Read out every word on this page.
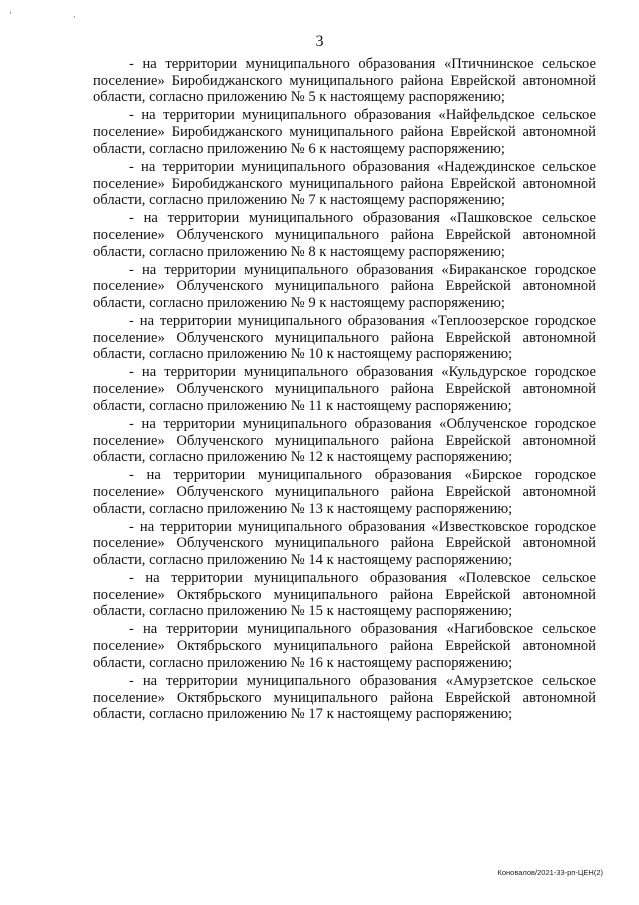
' ,
3

- на территории муниципального образования «Птичнинское сельское поселение» Биробиджанского муниципального района Еврейской автономной области, согласно приложению № 5 к настоящему распоряжению;

- на территории муниципального образования «Найфельдское сельское поселение» Биробиджанского муниципального района Еврейской автономной области, согласно приложению № 6 к настоящему распоряжению;

- на территории муниципального образования «Надеждинское сельское поселение» Биробиджанского муниципального района Еврейской автономной области, согласно приложению № 7 к настоящему распоряжению;

- на территории муниципального образования «Пашковское сельское поселение» Облученского муниципального района Еврейской автономной области, согласно приложению № 8 к настоящему распоряжению;

- на территории муниципального образования «Бираканское городское поселение» Облученского муниципального района Еврейской автономной области, согласно приложению № 9 к настоящему распоряжению;

- на территории муниципального образования «Теплоозерское городское поселение» Облученского муниципального района Еврейской автономной области, согласно приложению № 10 к настоящему распоряжению;

- на территории муниципального образования «Кульдурское городское поселение» Облученского муниципального района Еврейской автономной области, согласно приложению № 11 к настоящему распоряжению;

- на территории муниципального образования «Облученское городское поселение» Облученского муниципального района Еврейской автономной области, согласно приложению № 12 к настоящему распоряжению;

- на территории муниципального образования «Бирское городское поселение» Облученского муниципального района Еврейской автономной области, согласно приложению № 13 к настоящему распоряжению;

- на территории муниципального образования «Известковское городское поселение» Облученского муниципального района Еврейской автономной области, согласно приложению № 14 к настоящему распоряжению;

- на территории муниципального образования «Полевское сельское поселение» Октябрьского муниципального района Еврейской автономной области, согласно приложению № 15 к настоящему распоряжению;

- на территории муниципального образования «Нагибовское сельское поселение» Октябрьского муниципального района Еврейской автономной области, согласно приложению № 16 к настоящему распоряжению;

- на территории муниципального образования «Амурзетское сельское поселение» Октябрьского муниципального района Еврейской автономной области, согласно приложению № 17 к настоящему распоряжению;

Коновалов/2021-33-рп-ЦЕН(2)
